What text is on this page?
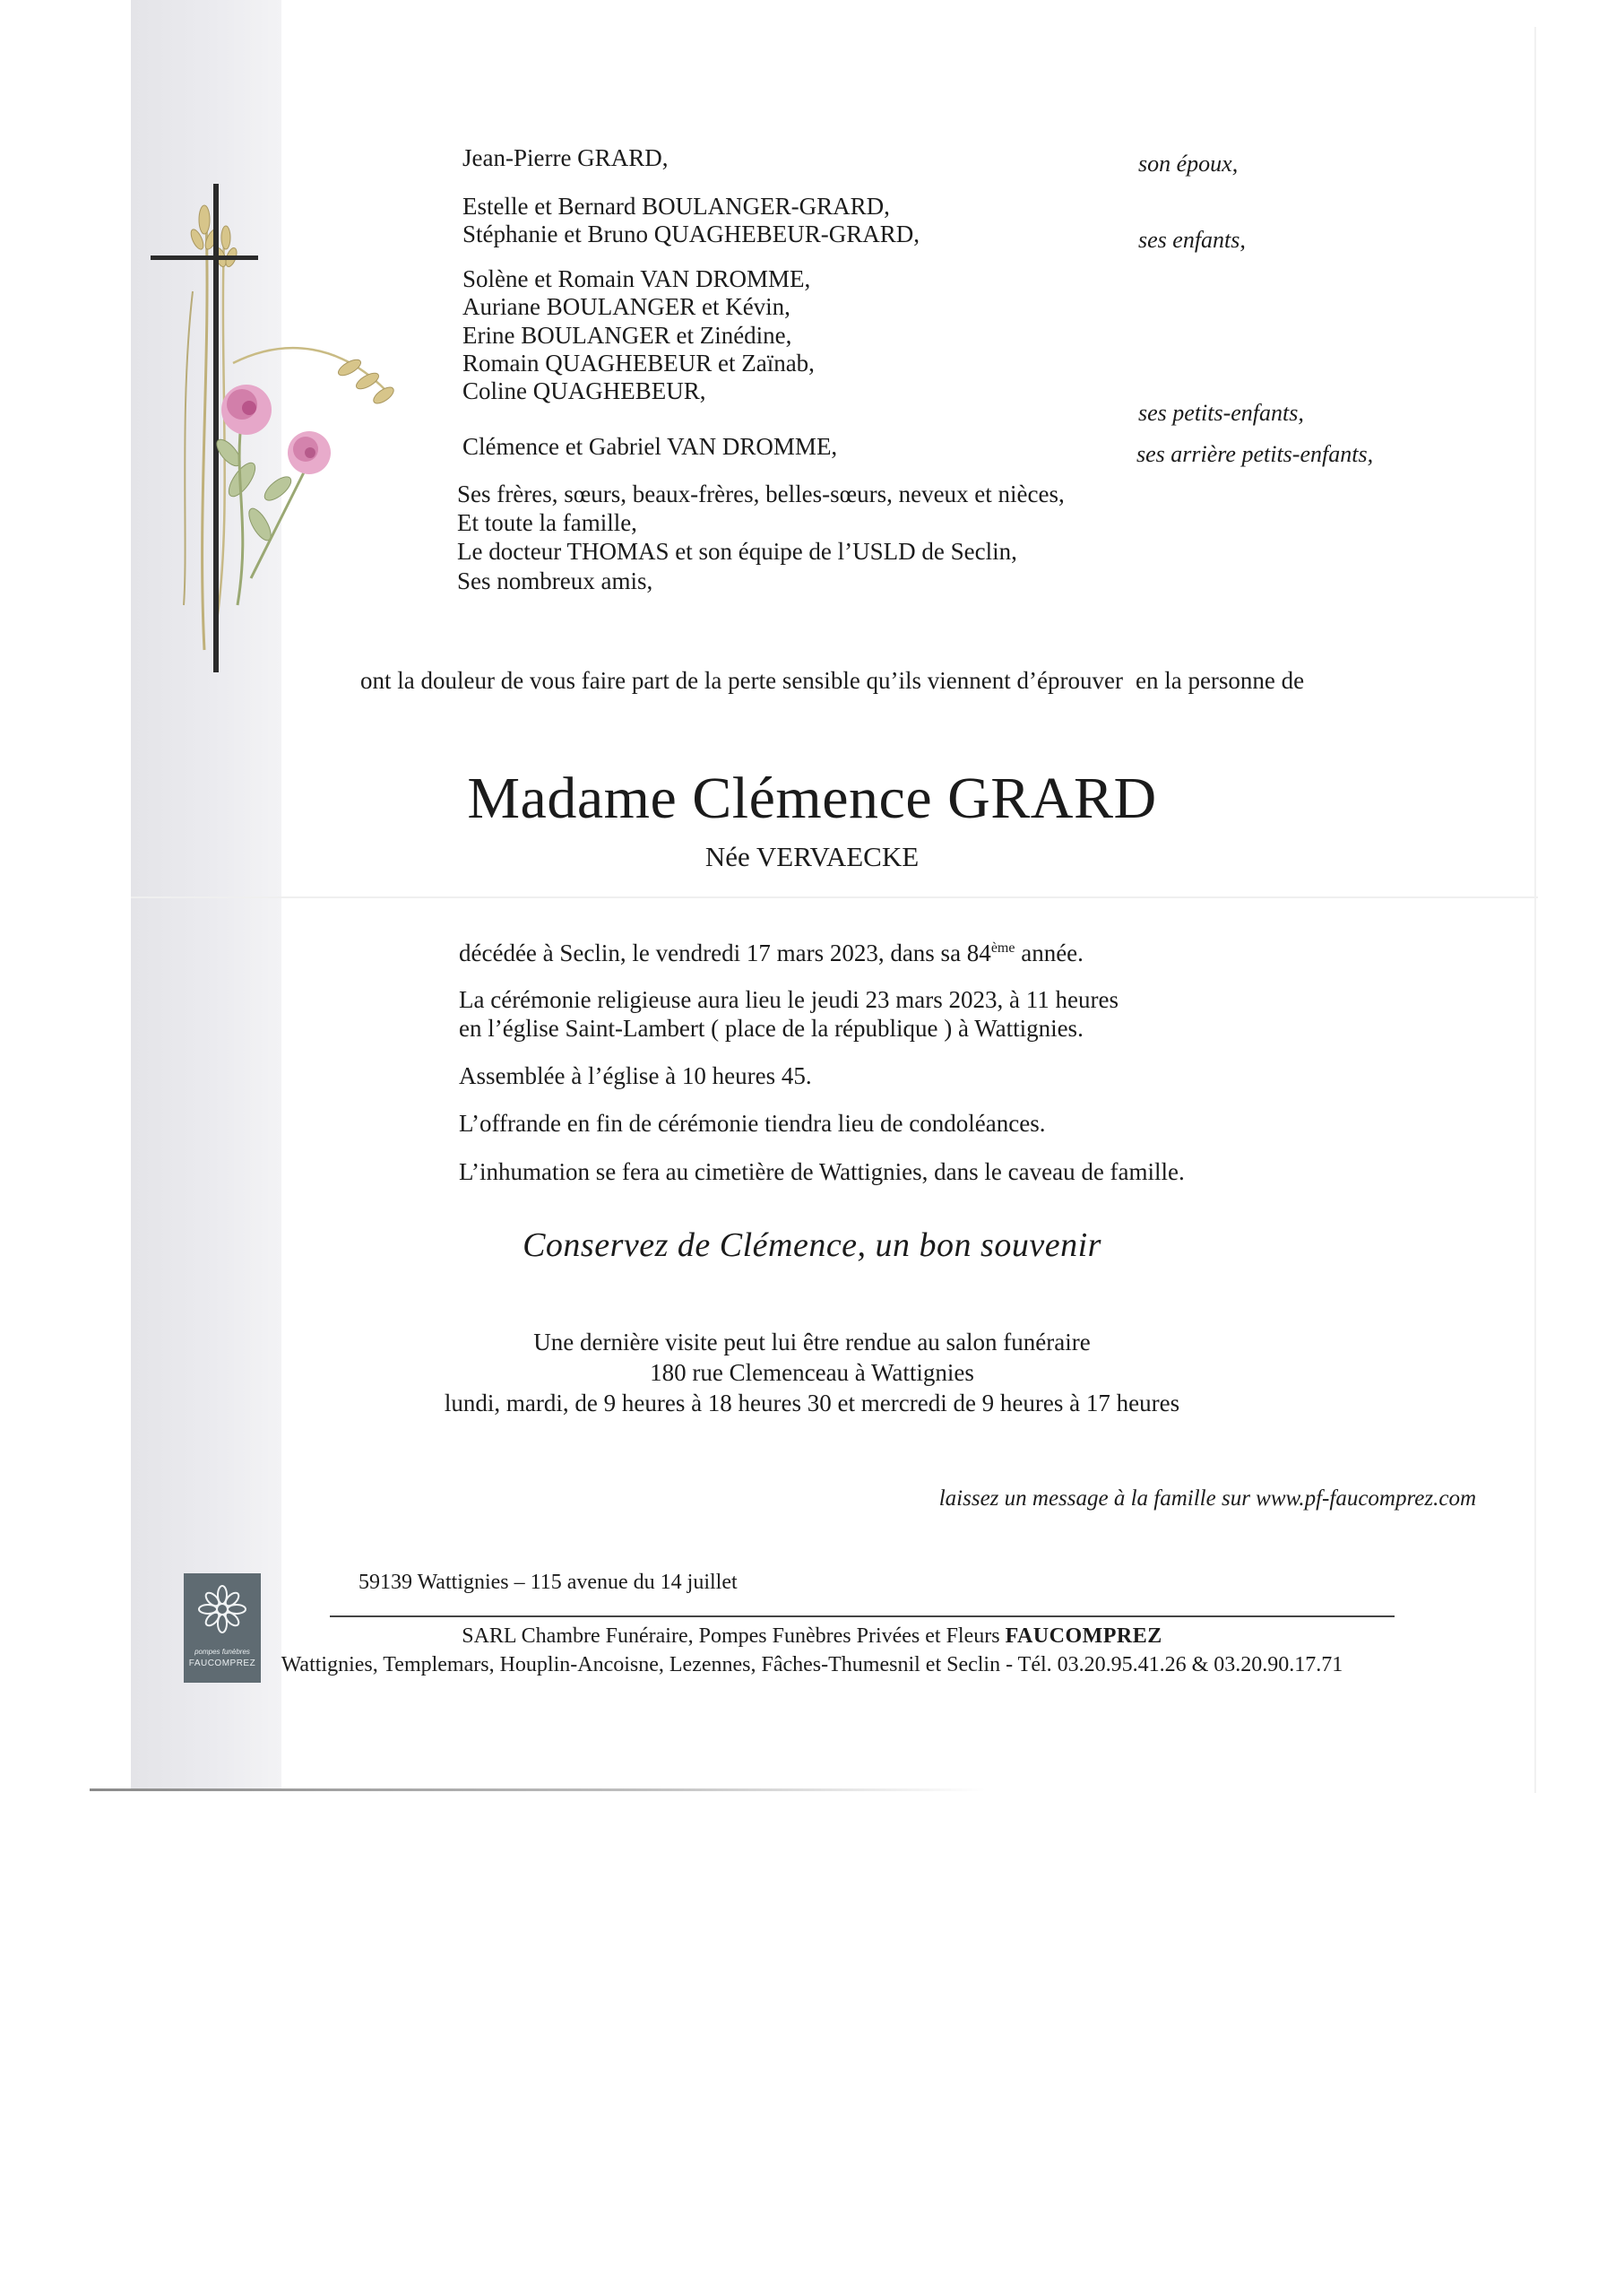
Jean-Pierre GRARD,	son époux,
Estelle et Bernard BOULANGER-GRARD,
Stéphanie et Bruno QUAGHEBEUR-GRARD,	ses enfants,
Solène et Romain VAN DROMME,
Auriane BOULANGER et Kévin,
Erine BOULANGER et Zinédine,
Romain QUAGHEBEUR et Zaïnab,
Coline QUAGHEBEUR,
ses petits-enfants,
Clémence et Gabriel VAN DROMME,	ses arrière petits-enfants,
Ses frères, sœurs, beaux-frères, belles-sœurs, neveux et nièces,
Et toute la famille,
Le docteur THOMAS et son équipe de l’USLD de Seclin,
Ses nombreux amis,
ont la douleur de vous faire part de la perte sensible qu’ils viennent d’éprouver en la personne de
Madame Clémence GRARD
Née VERVAECKE
décédée à Seclin, le vendredi 17 mars 2023, dans sa 84ème année.
La cérémonie religieuse aura lieu le jeudi 23 mars 2023, à 11 heures
en l’église Saint-Lambert ( place de la république ) à Wattignies.
Assemblée à l’église à 10 heures 45.
L’offrande en fin de cérémonie tiendra lieu de condoléances.
L’inhumation se fera au cimetière de Wattignies, dans le caveau de famille.
Conservez de Clémence, un bon souvenir
Une dernière visite peut lui être rendue au salon funéraire
180 rue Clemenceau à Wattignies
lundi, mardi, de 9 heures à 18 heures 30 et mercredi de 9 heures à 17 heures
laissez un message à la famille sur www.pf-faucomprez.com
pompes funèbres
FAUCOMPREZ
59139 Wattignies – 115 avenue du 14 juillet
SARL Chambre Funéraire, Pompes Funèbres Privées et Fleurs FAUCOMPREZ
Wattignies, Templemars, Houplin-Ancoisne, Lezennes, Fâches-Thumesnil et Seclin - Tél. 03.20.95.41.26 & 03.20.90.17.71
